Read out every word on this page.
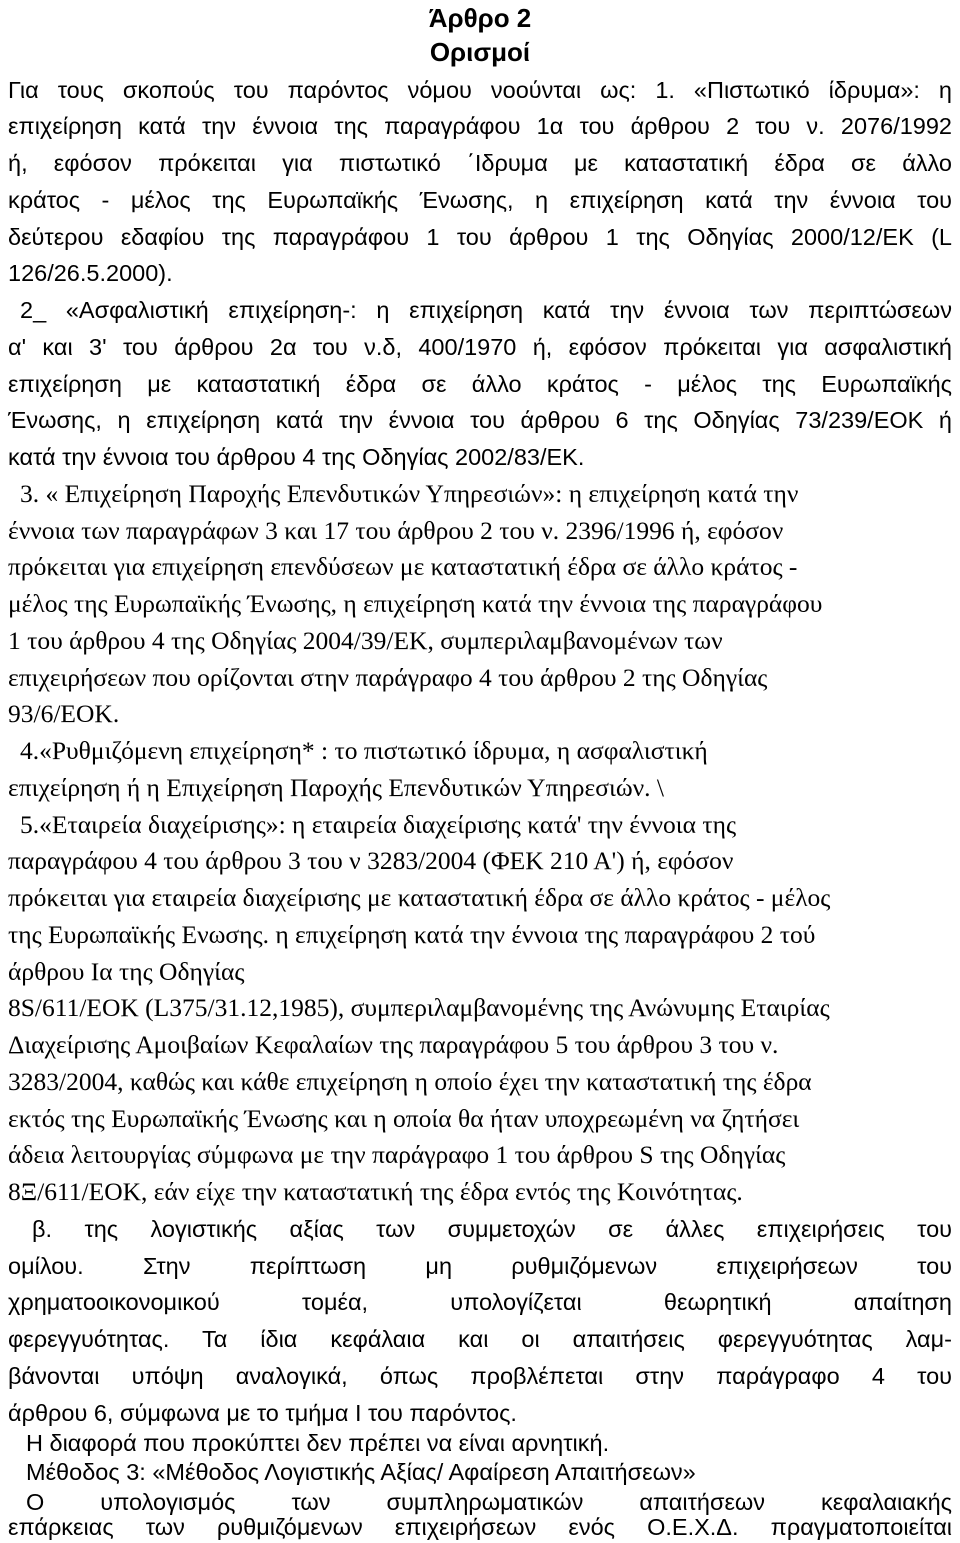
Άρθρο 2
Ορισμοί
Για τους σκοπούς του παρόντος νόμου νοούνται ως: 1. «Πιστωτικό ίδρυμα»: η
επιχείρηση κατά την έννοια της παραγράφου 1α του άρθρου 2 του ν. 2076/1992
ή, εφόσον πρόκειται για πιστωτικό ΄Ιδρυμα με καταστατική έδρα σε άλλο
κράτος - μέλος της Ευρωπαϊκής Ένωσης, η επιχείρηση κατά την έννοια του
δεύτερου εδαφίου της παραγράφου 1 του άρθρου 1 της Οδηγίας 2000/12/ΕΚ (L
126/26.5.2000).
2_ «Ασφαλιστική επιχείρηση-: η επιχείρηση κατά την έννοια των περιπτώσεων
α' και 3' του άρθρου 2α του ν.δ, 400/1970 ή, εφόσον πρόκειται για ασφαλιστική
επιχείρηση με καταστατική έδρα σε άλλο κράτος - μέλος της Ευρωπαϊκής
Ένωσης, η επιχείρηση κατά την έννοια του άρθρου 6 της Οδηγίας 73/239/ΕΟΚ ή
κατά την έννοια του άρθρου 4 της Οδηγίας 2002/83/ΕΚ.
3. « Επιχείρηση Παροχής Επενδυτικών Υπηρεσιών»: η επιχείρηση κατά την
έννοια των παραγράφων 3 και 17 του άρθρου 2 του ν. 2396/1996 ή, εφόσον
πρόκειται για επιχείρηση επενδύσεων με καταστατική έδρα σε άλλο κράτος -
μέλος της Ευρωπαϊκής Ένωσης, η επιχείρηση κατά την έννοια της παραγράφου
1 του άρθρου 4 της Οδηγίας 2004/39/ΕΚ, συμπεριλαμβανομένων των
επιχειρήσεων που ορίζονται στην παράγραφο 4 του άρθρου 2 της Οδηγίας
93/6/ΕΟΚ.
4.«Ρυθμιζόμενη επιχείρηση* : το πιστωτικό ίδρυμα, η ασφαλιστική
επιχείρηση ή η Επιχείρηση Παροχής Επενδυτικών Υπηρεσιών. \
5.«Εταιρεία διαχείρισης»: η εταιρεία διαχείρισης κατά' την έννοια της
παραγράφου 4 του άρθρου 3 του ν 3283/2004 (ΦΕΚ 210 Α') ή, εφόσον
πρόκειται για εταιρεία διαχείρισης με καταστατική έδρα σε άλλο κράτος - μέλος
της Ευρωπαϊκής Ενωσης. η επιχείρηση κατά την έννοια της παραγράφου 2 τού
άρθρου Ια της Οδηγίας
8S/611/ΕΟΚ (L375/31.12,1985), συμπεριλαμβανομένης της Ανώνυμης Εταιρίας
Διαχείρισης Αμοιβαίων Κεφαλαίων της παραγράφου 5 του άρθρου 3 του ν.
3283/2004, καθώς και κάθε επιχείρηση η οποίο έχει την καταστατική της έδρα
εκτός της Ευρωπαϊκής Ένωσης και η οποία θα ήταν υποχρεωμένη να ζητήσει
άδεια λειτουργίας σύμφωνα με την παράγραφο 1 του άρθρου S της Οδηγίας
8Ξ/611/ΕΟΚ, εάν είχε την καταστατική της έδρα εντός της Κοινότητας.
β. της λογιστικής αξίας των συμμετοχών σε άλλες επιχειρήσεις του
ομίλου. Στην περίπτωση μη ρυθμιζόμενων επιχειρήσεων του
χρηματοοικονομικού τομέα, υπολογίζεται θεωρητική απαίτηση
φερεγγυότητας. Τα ίδια κεφάλαια και οι απαιτήσεις φερεγγυότητας λαμ-
βάνονται υπόψη αναλογικά, όπως προβλέπεται στην παράγραφο 4 του
άρθρου 6, σύμφωνα με το τμήμα Ι του παρόντος.
Η διαφορά που προκύπτει δεν πρέπει να είναι αρνητική.
Μέθοδος 3: «Μέθοδος Λογιστικής Αξίας/ Αφαίρεση Απαιτήσεων»
Ο υπολογισμός των συμπληρωματικών απαιτήσεων κεφαλαιακής
επάρκειας των ρυθμιζόμενων επιχειρήσεων ενός Ο.Ε.Χ.Δ. πραγματοποιείται
